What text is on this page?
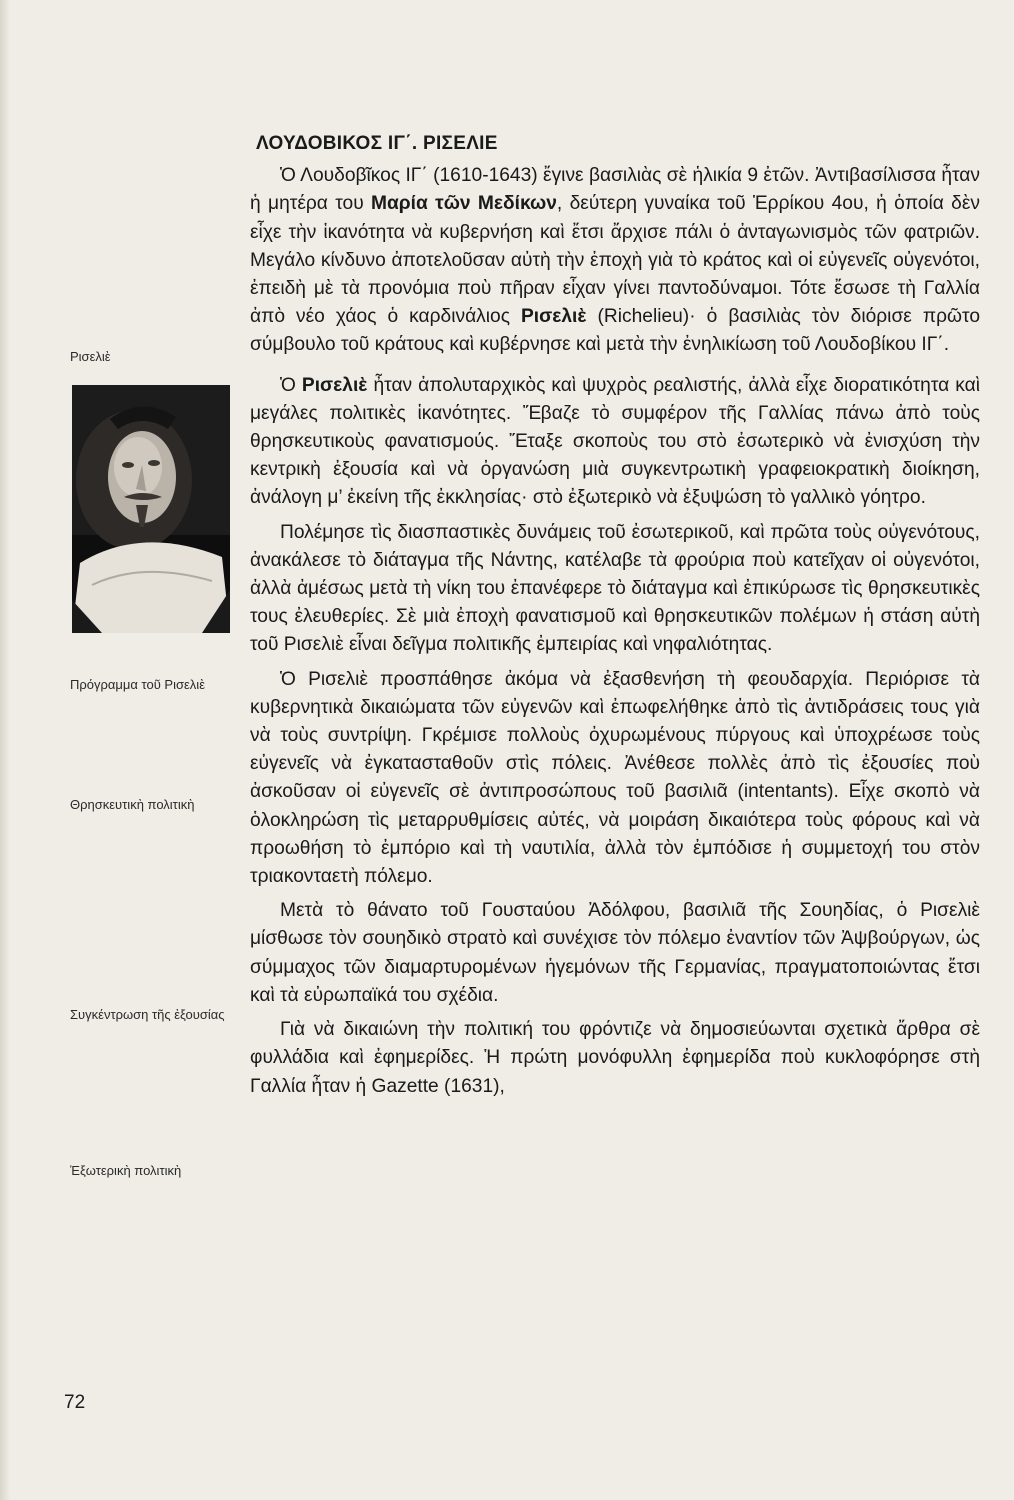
Ρισελιὲ
Πρόγραμμα τοῦ Ρισελιὲ
Θρησκευτικὴ πολιτικὴ
Συγκέντρωση τῆς ἐξουσίας
Ἐξωτερικὴ πολιτικὴ
72
ΛΟΥΔΟΒΙΚΟΣ ΙΓ΄. ΡΙΣΕΛΙΕ

Ὁ Λουδοβῖκος ΙΓ΄ (1610-1643) ἔγινε βασιλιὰς σὲ ἡλικία 9 ἐτῶν. Ἀντιβασίλισσα ἦταν ἡ μητέρα του Μαρία τῶν Μεδίκων, δεύτερη γυναίκα τοῦ Ἑρρίκου 4ου, ἡ ὁποία δὲν εἶχε τὴν ἱκανότητα νὰ κυβερνήση καὶ ἔτσι ἄρχισε πάλι ὁ ἀνταγωνισμὸς τῶν φατριῶν. Μεγάλο κίνδυνο ἀποτελοῦσαν αὐτὴ τὴν ἐποχὴ γιὰ τὸ κράτος καὶ οἱ εὐγενεῖς οὐγενότοι, ἐπειδὴ μὲ τὰ προνόμια ποὺ πῆραν εἶχαν γίνει παντοδύναμοι. Τότε ἔσωσε τὴ Γαλλία ἀπὸ νέο χάος ὁ καρδινάλιος Ρισελιὲ (Richelieu)· ὁ βασιλιὰς τὸν διόρισε πρῶτο σύμβουλο τοῦ κράτους καὶ κυβέρνησε καὶ μετὰ τὴν ἐνηλικίωση τοῦ Λουδοβίκου ΙΓ΄.

Ὁ Ρισελιὲ ἦταν ἀπολυταρχικὸς καὶ ψυχρὸς ρεαλιστής, ἀλλὰ εἶχε διορατικότητα καὶ μεγάλες πολιτικὲς ἱκανότητες. Ἔβαζε τὸ συμφέρον τῆς Γαλλίας πάνω ἀπὸ τοὺς θρησκευτικοὺς φανατισμούς. Ἔταξε σκοποὺς του στὸ ἐσωτερικὸ νὰ ἐνισχύση τὴν κεντρικὴ ἐξουσία καὶ νὰ ὀργανώση μιὰ συγκεντρωτικὴ γραφειοκρατικὴ διοίκηση, ἀνάλογη μ’ ἐκείνη τῆς ἐκκλησίας· στὸ ἐξωτερικὸ νὰ ἐξυψώση τὸ γαλλικὸ γόητρο.

Πολέμησε τὶς διασπαστικὲς δυνάμεις τοῦ ἐσωτερικοῦ, καὶ πρῶτα τοὺς οὐγενότους, ἀνακάλεσε τὸ διάταγμα τῆς Νάντης, κατέλαβε τὰ φρούρια ποὺ κατεῖχαν οἱ οὐγενότοι, ἀλλὰ ἀμέσως μετὰ τὴ νίκη του ἐπανέφερε τὸ διάταγμα καὶ ἐπικύρωσε τὶς θρησκευτικὲς τους ἐλευθερίες. Σὲ μιὰ ἐποχὴ φανατισμοῦ καὶ θρησκευτικῶν πολέμων ἡ στάση αὐτὴ τοῦ Ρισελιὲ εἶναι δεῖγμα πολιτικῆς ἐμπειρίας καὶ νηφαλιότητας.

Ὁ Ρισελιὲ προσπάθησε ἀκόμα νὰ ἐξασθενήση τὴ φεουδαρχία. Περιόρισε τὰ κυβερνητικὰ δικαιώματα τῶν εὐγενῶν καὶ ἐπωφελήθηκε ἀπὸ τὶς ἀντιδράσεις τους γιὰ νὰ τοὺς συντρίψη. Γκρέμισε πολλοὺς ὀχυρωμένους πύργους καὶ ὑποχρέωσε τοὺς εὐγενεῖς νὰ ἐγκατασταθοῦν στὶς πόλεις. Ἀνέθεσε πολλὲς ἀπὸ τὶς ἐξουσίες ποὺ ἀσκοῦσαν οἱ εὐγενεῖς σὲ ἀντιπροσώπους τοῦ βασιλιᾶ (intentants). Εἶχε σκοπὸ νὰ ὁλοκληρώση τὶς μεταρρυθμίσεις αὐτές, νὰ μοιράση δικαιότερα τοὺς φόρους καὶ νὰ προωθήση τὸ ἐμπόριο καὶ τὴ ναυτιλία, ἀλλὰ τὸν ἐμπόδισε ἡ συμμετοχή του στὸν τριακονταετὴ πόλεμο.

Μετὰ τὸ θάνατο τοῦ Γουσταύου Ἀδόλφου, βασιλιᾶ τῆς Σουηδίας, ὁ Ρισελιὲ μίσθωσε τὸν σουηδικὸ στρατὸ καὶ συνέχισε τὸν πόλεμο ἐναντίον τῶν Ἀψβούργων, ὡς σύμμαχος τῶν διαμαρτυρομένων ἡγεμόνων τῆς Γερμανίας, πραγματοποιώντας ἔτσι καὶ τὰ εὐρωπαϊκά του σχέδια.

Γιὰ νὰ δικαιώνη τὴν πολιτική του φρόντιζε νὰ δημοσιεύωνται σχετικὰ ἄρθρα σὲ φυλλάδια καὶ ἐφημερίδες. Ἡ πρώτη μονόφυλλη ἐφημερίδα ποὺ κυκλοφόρησε στὴ Γαλλία ἦταν ἡ Gazette (1631),
